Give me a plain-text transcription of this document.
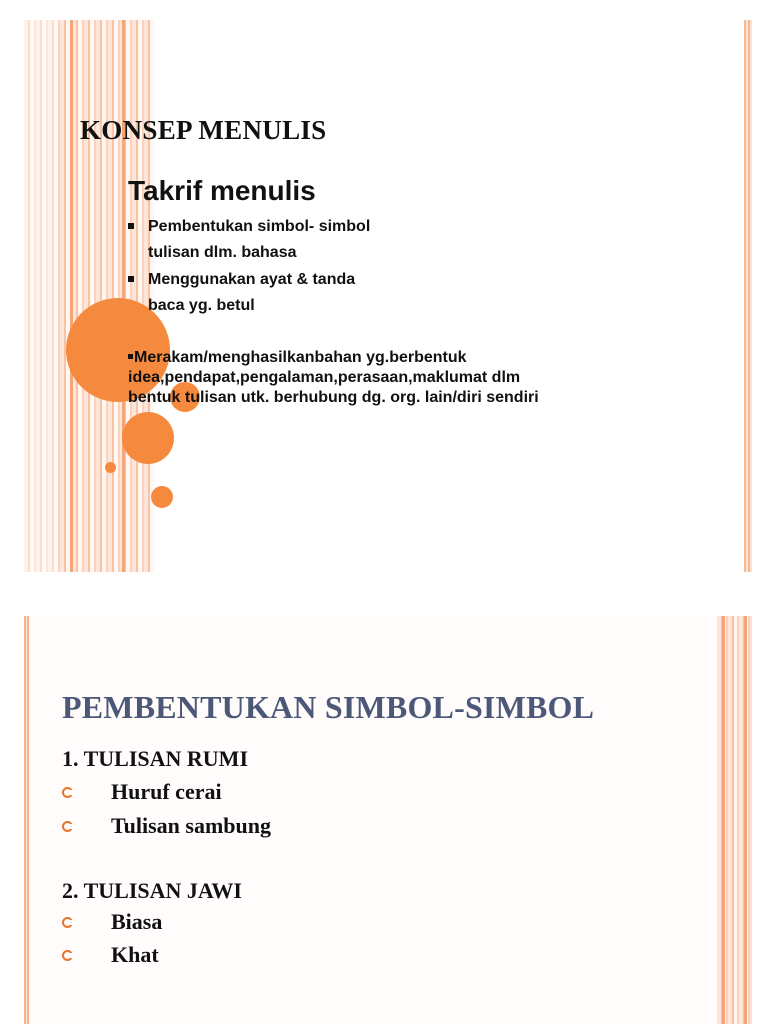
KONSEP MENULIS
Takrif menulis

Pembentukan simbol- simbol

tulisan dlm. bahasa

Menggunakan ayat & tanda

baca yg. betul

Merakam/menghasilkanbahan yg.berbentuk
idea,pendapat,pengalaman,perasaan,maklumat dlm
bentuk tulisan utk. berhubung dg. org. lain/diri sendiri
PEMBENTUKAN SIMBOL-SIMBOL

1. TULISAN RUMI

Huruf cerai
Tulisan sambung

2. TULISAN JAWI

Biasa
Khat
